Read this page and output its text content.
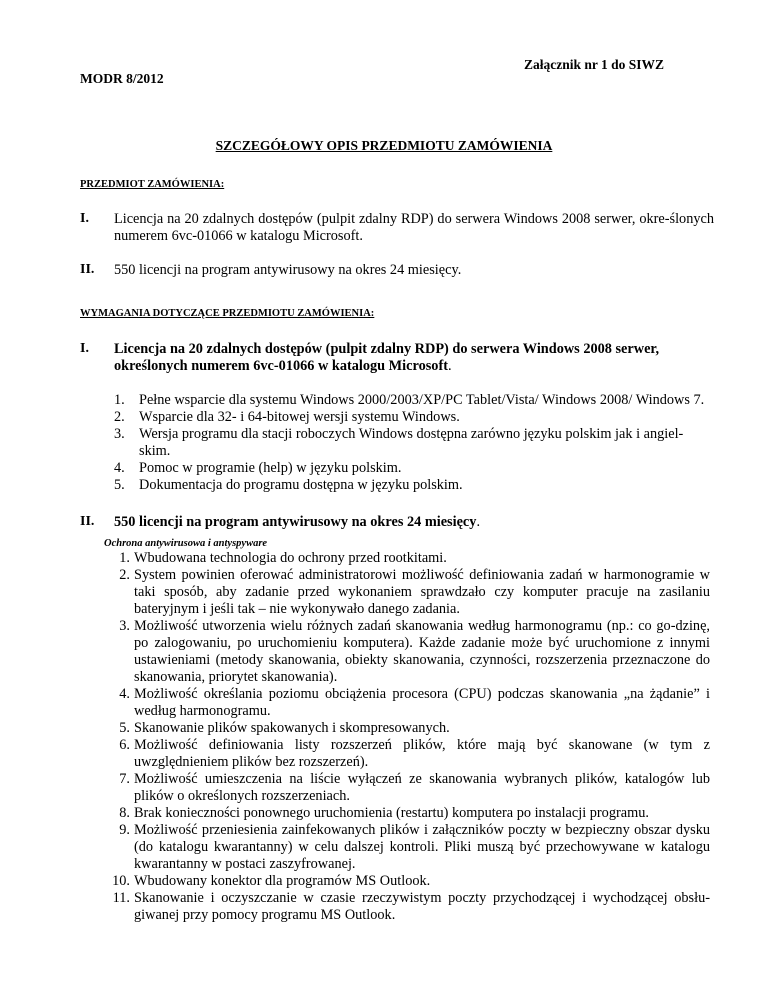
Załącznik nr 1 do SIWZ
MODR 8/2012
SZCZEGÓŁOWY OPIS PRZEDMIOTU ZAMÓWIENIA
PRZEDMIOT ZAMÓWIENIA:
I. Licencja na 20 zdalnych dostępów (pulpit zdalny RDP) do serwera Windows 2008 serwer, okre-ślonych numerem 6vc-01066 w katalogu Microsoft.
II. 550 licencji na program antywirusowy na okres 24 miesięcy.
WYMAGANIA DOTYCZĄCE PRZEDMIOTU ZAMÓWIENIA:
I. Licencja na 20 zdalnych dostępów (pulpit zdalny RDP) do serwera Windows 2008 serwer, określonych numerem 6vc-01066 w katalogu Microsoft.
1. Pełne wsparcie dla systemu Windows 2000/2003/XP/PC Tablet/Vista/ Windows 2008/ Windows 7.
2. Wsparcie dla 32- i 64-bitowej wersji systemu Windows.
3. Wersja programu dla stacji roboczych Windows dostępna zarówno języku polskim jak i angiel-skim.
4. Pomoc w programie (help) w języku polskim.
5. Dokumentacja do programu dostępna w języku polskim.
II. 550 licencji na program antywirusowy na okres 24 miesięcy.
Ochrona antywirusowa i antyspyware
1. Wbudowana technologia do ochrony przed rootkitami.
2. System powinien oferować administratorowi możliwość definiowania zadań w harmonogramie w taki sposób, aby zadanie przed wykonaniem sprawdzało czy komputer pracuje na zasilaniu bateryjnym i jeśli tak – nie wykonywało danego zadania.
3. Możliwość utworzenia wielu różnych zadań skanowania według harmonogramu (np.: co go-dzinę, po zalogowaniu, po uruchomieniu komputera). Każde zadanie może być uruchomione z innymi ustawieniami (metody skanowania, obiekty skanowania, czynności, rozszerzenia przeznaczone do skanowania, priorytet skanowania).
4. Możliwość określania poziomu obciążenia procesora (CPU) podczas skanowania „na żądanie” i według harmonogramu.
5. Skanowanie plików spakowanych i skompresowanych.
6. Możliwość definiowania listy rozszerzeń plików, które mają być skanowane (w tym z uwzględnieniem plików bez rozszerzeń).
7. Możliwość umieszczenia na liście wyłączeń ze skanowania wybranych plików, katalogów lub plików o określonych rozszerzeniach.
8. Brak konieczności ponownego uruchomienia (restartu) komputera po instalacji programu.
9. Możliwość przeniesienia zainfekowanych plików i załączników poczty w bezpieczny obszar dysku (do katalogu kwarantanny) w celu dalszej kontroli. Pliki muszą być przechowywane w katalogu kwarantanny w postaci zaszyfrowanej.
10. Wbudowany konektor dla programów MS Outlook.
11. Skanowanie i oczyszczanie w czasie rzeczywistym poczty przychodzącej i wychodzącej obsłu-giwanej przy pomocy programu MS Outlook.
